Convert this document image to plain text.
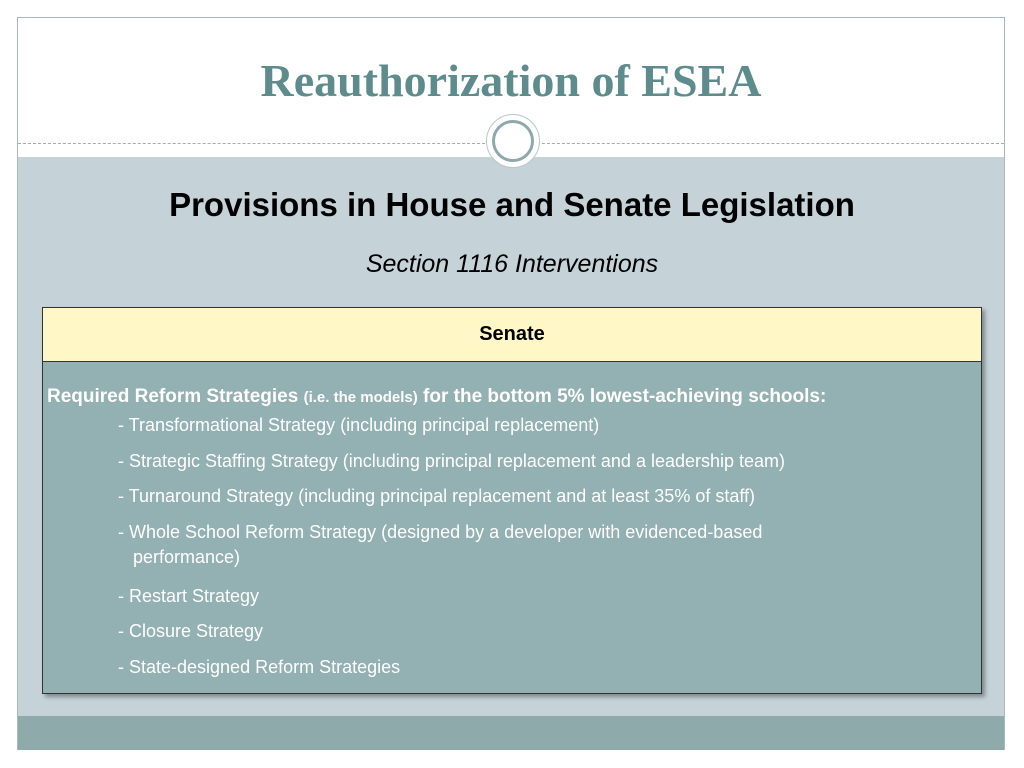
Reauthorization of ESEA
Provisions in House and Senate Legislation
Section 1116 Interventions
Senate
Required Reform Strategies (i.e. the models) for the bottom 5% lowest-achieving schools:
- Transformational Strategy (including principal replacement)
- Strategic Staffing Strategy (including principal replacement and a leadership team)
- Turnaround Strategy (including principal replacement and at least 35% of staff)
- Whole School Reform Strategy (designed by a developer with evidenced-based
performance)
- Restart Strategy
- Closure Strategy
- State-designed Reform Strategies
